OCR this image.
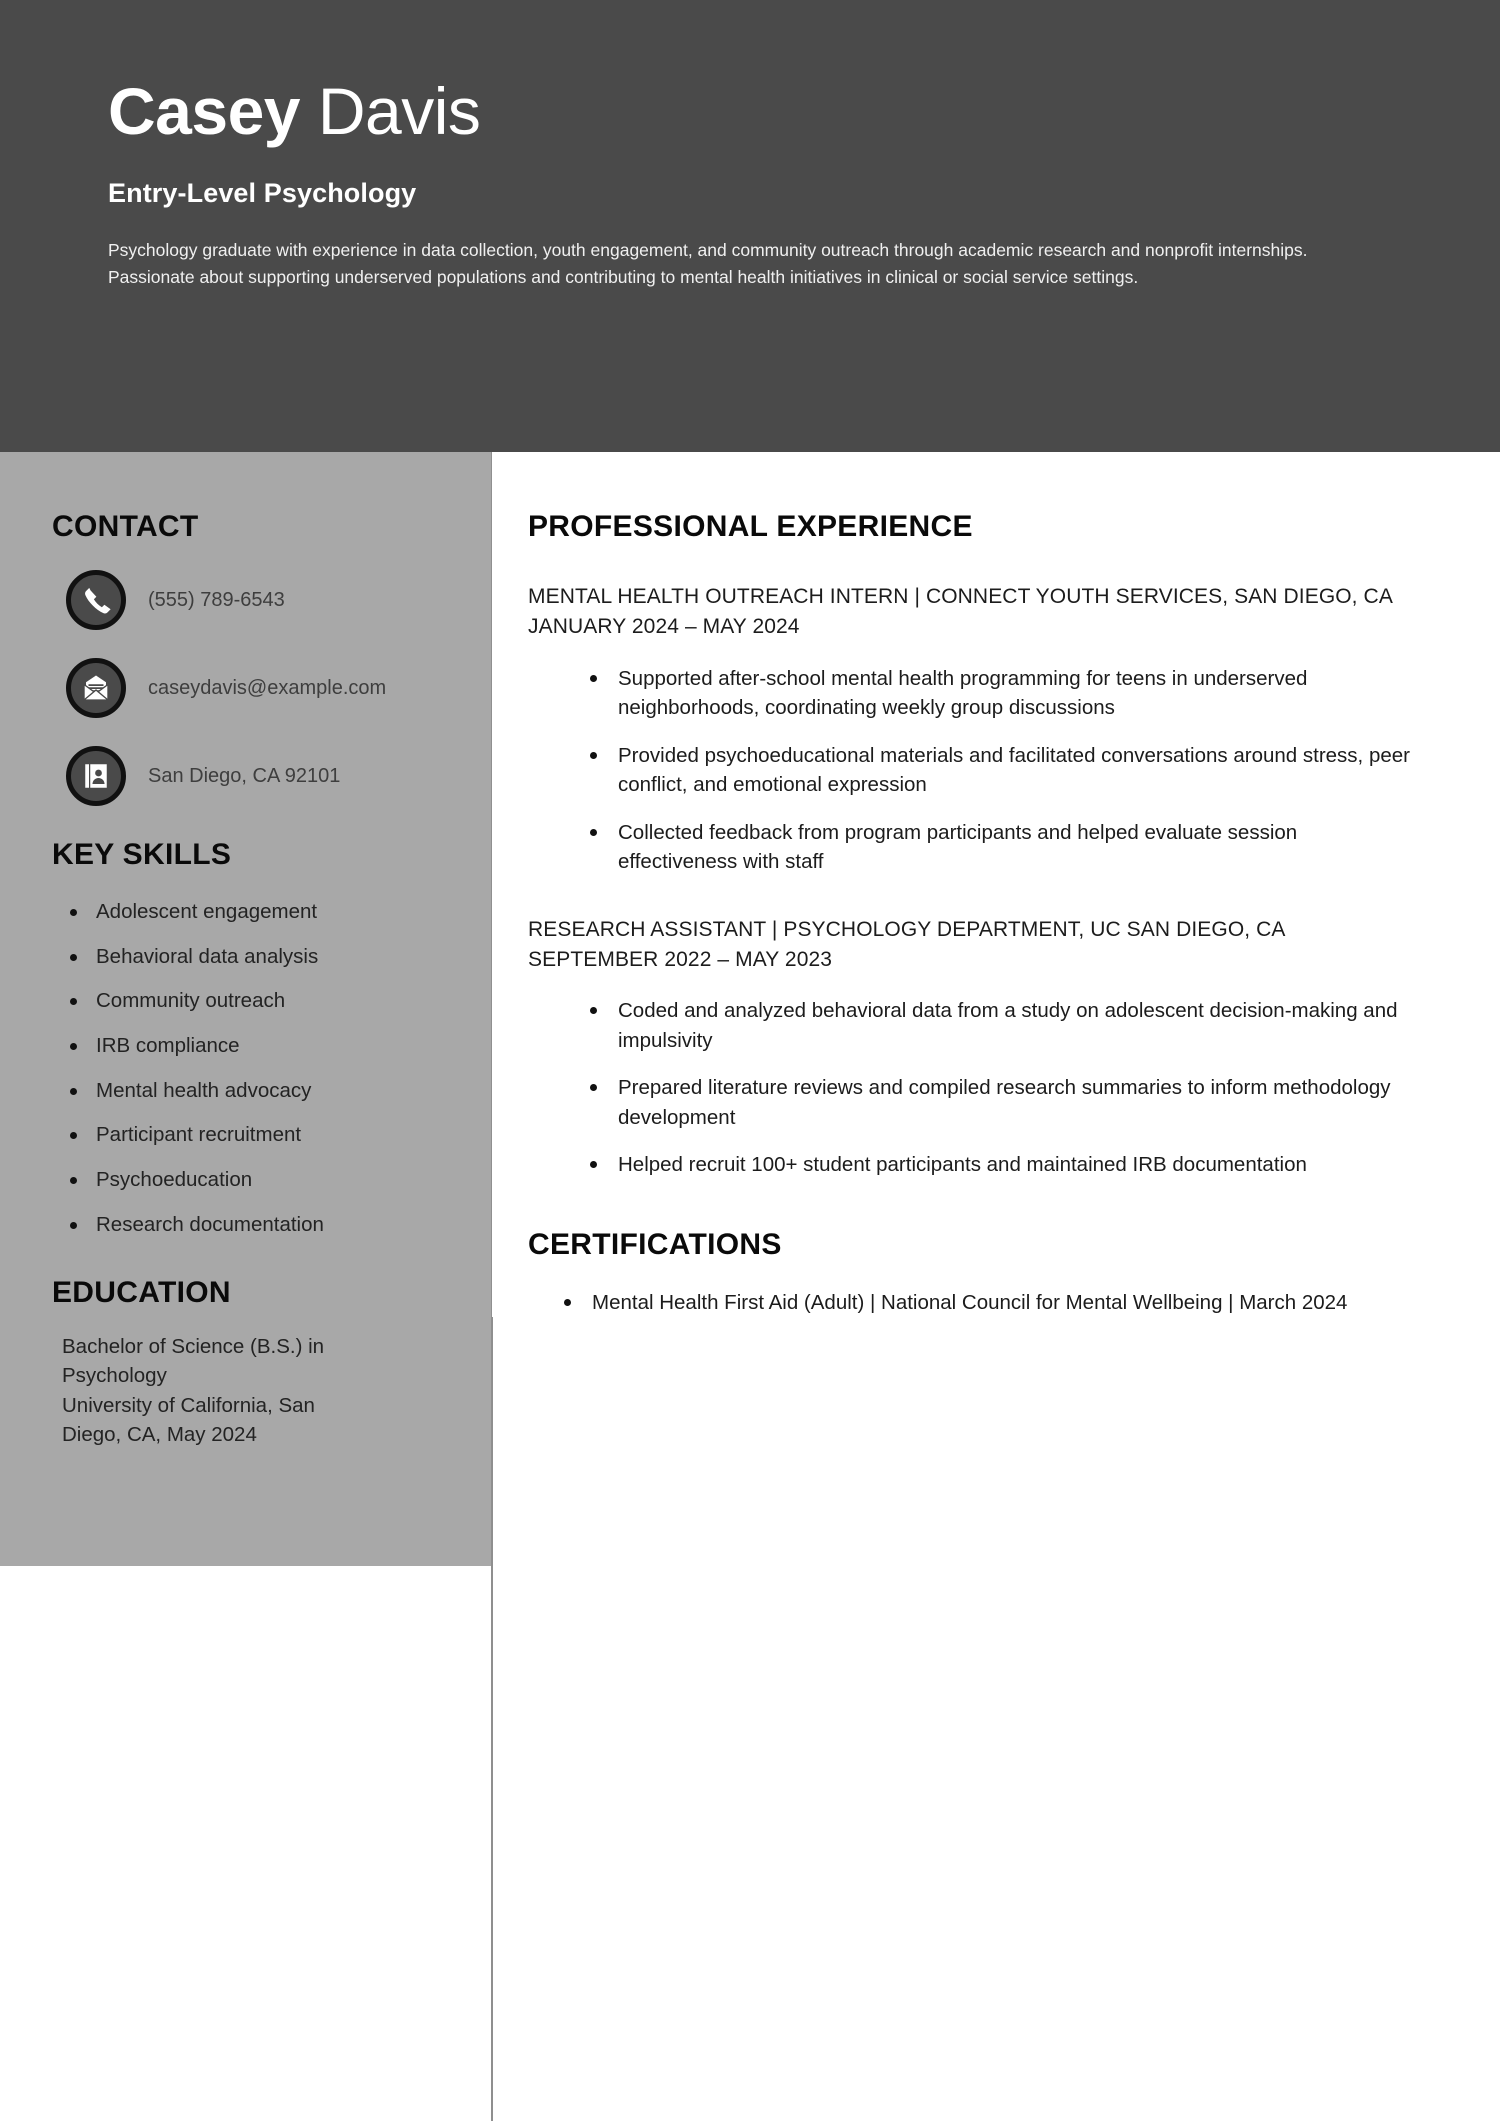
Casey Davis
Entry-Level Psychology
Psychology graduate with experience in data collection, youth engagement, and community outreach through academic research and nonprofit internships. Passionate about supporting underserved populations and contributing to mental health initiatives in clinical or social service settings.
CONTACT
(555) 789-6543
caseydavis@example.com
San Diego, CA 92101
KEY SKILLS
Adolescent engagement
Behavioral data analysis
Community outreach
IRB compliance
Mental health advocacy
Participant recruitment
Psychoeducation
Research documentation
EDUCATION
Bachelor of Science (B.S.) in Psychology
University of California, San Diego, CA, May 2024
PROFESSIONAL EXPERIENCE
MENTAL HEALTH OUTREACH INTERN | CONNECT YOUTH SERVICES, SAN DIEGO, CA
JANUARY 2024 – MAY 2024
Supported after-school mental health programming for teens in underserved neighborhoods, coordinating weekly group discussions
Provided psychoeducational materials and facilitated conversations around stress, peer conflict, and emotional expression
Collected feedback from program participants and helped evaluate session effectiveness with staff
RESEARCH ASSISTANT | PSYCHOLOGY DEPARTMENT, UC SAN DIEGO, CA
SEPTEMBER 2022 – MAY 2023
Coded and analyzed behavioral data from a study on adolescent decision-making and impulsivity
Prepared literature reviews and compiled research summaries to inform methodology development
Helped recruit 100+ student participants and maintained IRB documentation
CERTIFICATIONS
Mental Health First Aid (Adult) | National Council for Mental Wellbeing | March 2024
